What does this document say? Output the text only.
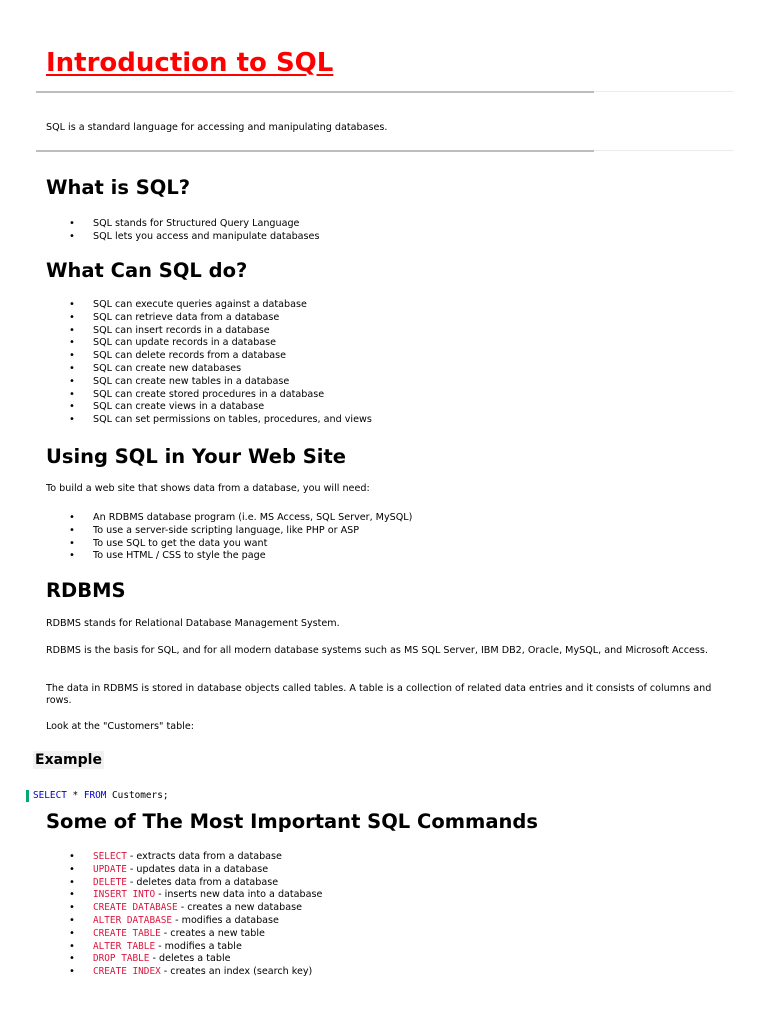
Introduction to SQL

SQL is a standard language for accessing and manipulating databases.

What is SQL?
• SQL stands for Structured Query Language
• SQL lets you access and manipulate databases
What Can SQL do?
• SQL can execute queries against a database
• SQL can retrieve data from a database
• SQL can insert records in a database
• SQL can update records in a database
• SQL can delete records from a database
• SQL can create new databases
• SQL can create new tables in a database
• SQL can create stored procedures in a database
• SQL can create views in a database
• SQL can set permissions on tables, procedures, and views
Using SQL in Your Web Site

To build a web site that shows data from a database, you will need:

• An RDBMS database program (i.e. MS Access, SQL Server, MySQL)
• To use a server-side scripting language, like PHP or ASP
• To use SQL to get the data you want
• To use HTML / CSS to style the page
RDBMS

RDBMS stands for Relational Database Management System.

RDBMS is the basis for SQL, and for all modern database systems such as MS SQL Server, IBM DB2, Oracle, MySQL, and Microsoft Access.

The data in RDBMS is stored in database objects called tables. A table is a collection of related data entries and it consists of columns and rows.

Look at the "Customers" table:

Example
SELECT * FROM Customers;
Some of The Most Important SQL Commands
• SELECT - extracts data from a database
• UPDATE - updates data in a database
• DELETE - deletes data from a database
• INSERT INTO - inserts new data into a database
• CREATE DATABASE - creates a new database
• ALTER DATABASE - modifies a database
• CREATE TABLE - creates a new table
• ALTER TABLE - modifies a table
• DROP TABLE - deletes a table
• CREATE INDEX - creates an index (search key)
